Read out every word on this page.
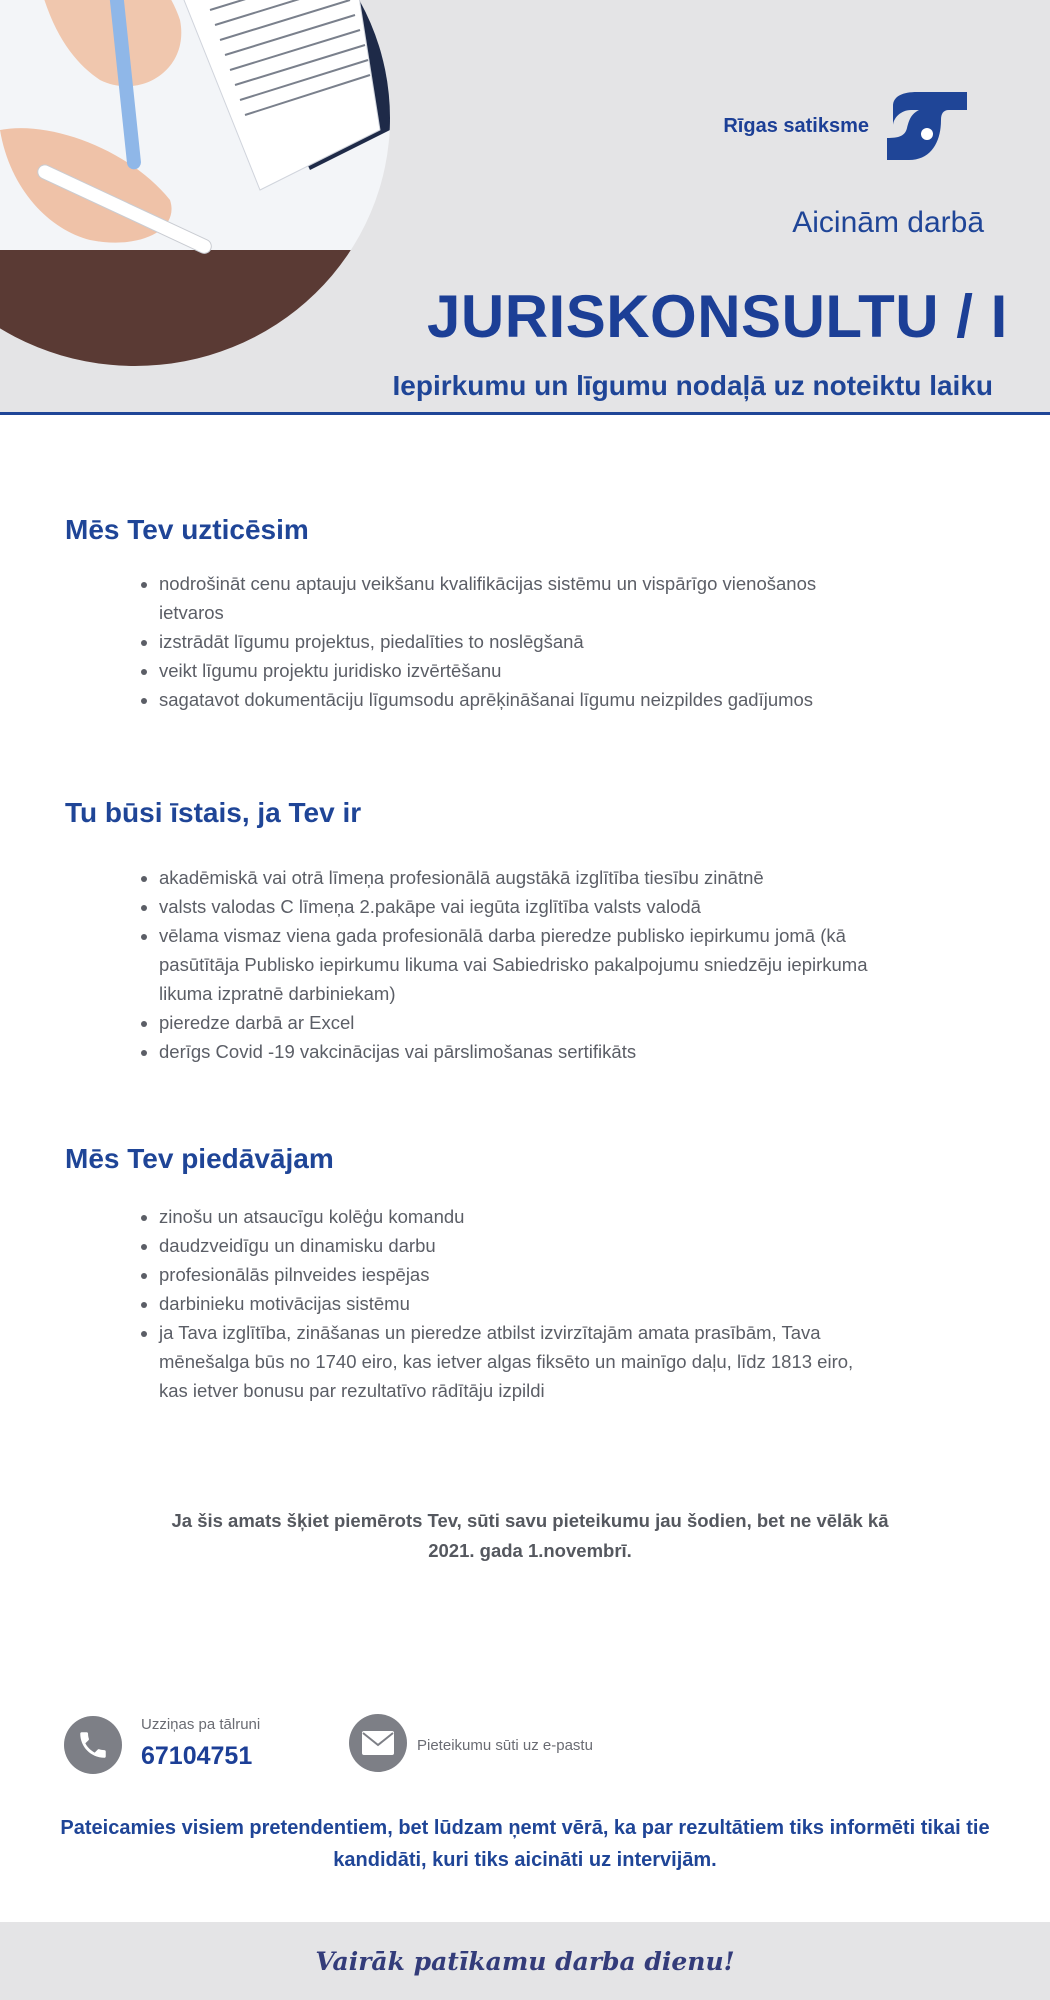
Rīgas satiksme
Aicinām darbā
JURISKONSULTU / I
Iepirkumu un līgumu nodaļā uz noteiktu laiku
Mēs Tev uzticēsim
• nodrošināt cenu aptauju veikšanu kvalifikācijas sistēmu un vispārīgo vienošanos ietvaros
• izstrādāt līgumu projektus, piedalīties to noslēgšanā
• veikt līgumu projektu juridisko izvērtēšanu
• sagatavot dokumentāciju līgumsodu aprēķināšanai līgumu neizpildes gadījumos
Tu būsi īstais, ja Tev ir
• akadēmiskā vai otrā līmeņa profesionālā augstākā izglītība tiesību zinātnē
• valsts valodas C līmeņa 2.pakāpe vai iegūta izglītība valsts valodā
• vēlama vismaz viena gada profesionālā darba pieredze publisko iepirkumu jomā (kā pasūtītāja Publisko iepirkumu likuma vai Sabiedrisko pakalpojumu sniedzēju iepirkuma likuma izpratnē darbiniekam)
• pieredze darbā ar Excel
• derīgs Covid -19 vakcinācijas vai pārslimošanas sertifikāts
Mēs Tev piedāvājam
• zinošu un atsaucīgu kolēģu komandu
• daudzveidīgu un dinamisku darbu
• profesionālās pilnveides iespējas
• darbinieku motivācijas sistēmu
• ja Tava izglītība, zināšanas un pieredze atbilst izvirzītajām amata prasībām, Tava mēnešalga būs no 1740 eiro, kas ietver algas fiksēto un mainīgo daļu, līdz 1813 eiro, kas ietver bonusu par rezultatīvo rādītāju izpildi
Ja šis amats šķiet piemērots Tev, sūti savu pieteikumu jau šodien, bet ne vēlāk kā 2021. gada 1.novembrī.
Uzziņas pa tālruni
67104751	Pieteikumu sūti uz e-pastu
Pateicamies visiem pretendentiem, bet lūdzam ņemt vērā, ka par rezultātiem tiks informēti tikai tie kandidāti, kuri tiks aicināti uz intervijām.
Vairāk patīkamu darba dienu!
